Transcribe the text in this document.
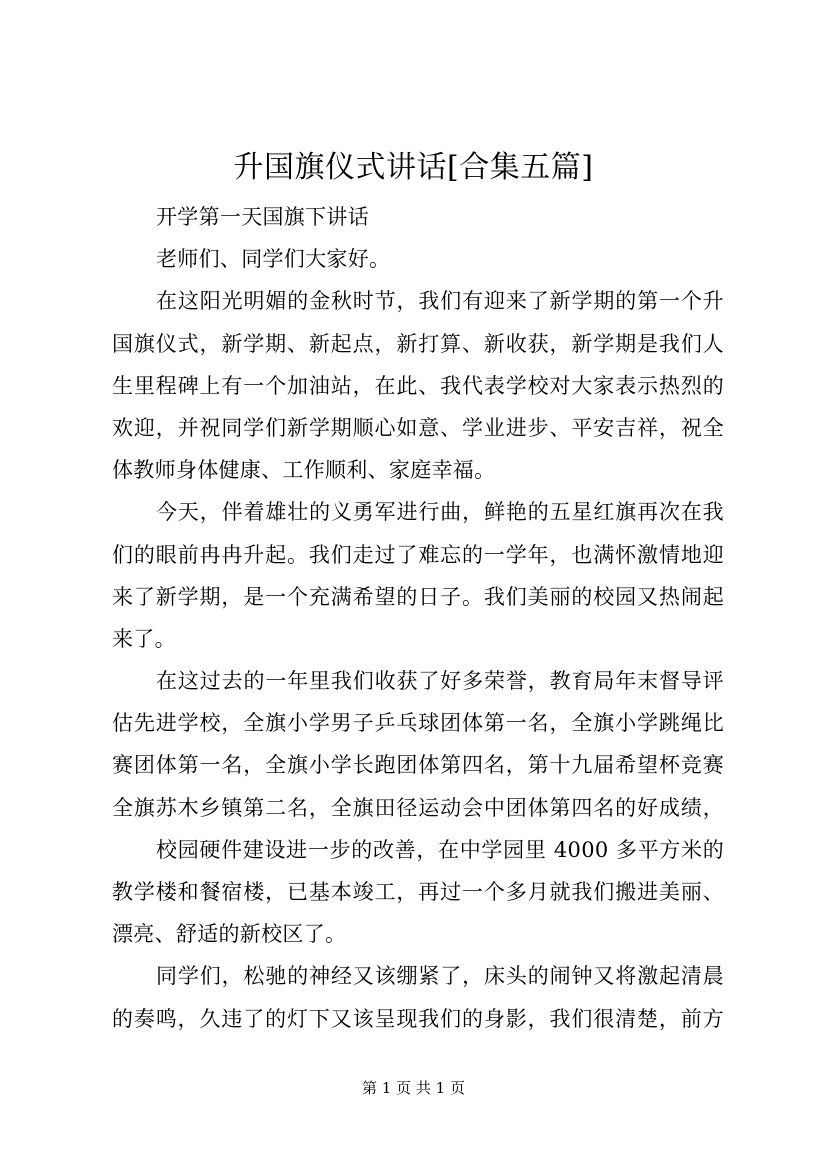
升国旗仪式讲话[合集五篇]
开学第一天国旗下讲话
老师们、同学们大家好。
在这阳光明媚的金秋时节，我们有迎来了新学期的第一个升
国旗仪式，新学期、新起点，新打算、新收获，新学期是我们人
生里程碑上有一个加油站，在此、我代表学校对大家表示热烈的
欢迎，并祝同学们新学期顺心如意、学业进步、平安吉祥，祝全
体教师身体健康、工作顺利、家庭幸福。
今天，伴着雄壮的义勇军进行曲，鲜艳的五星红旗再次在我
们的眼前冉冉升起。我们走过了难忘的一学年，也满怀激情地迎
来了新学期，是一个充满希望的日子。我们美丽的校园又热闹起
来了。
在这过去的一年里我们收获了好多荣誉，教育局年末督导评
估先进学校，全旗小学男子乒乓球团体第一名，全旗小学跳绳比
赛团体第一名，全旗小学长跑团体第四名，第十九届希望杯竞赛
全旗苏木乡镇第二名，全旗田径运动会中团体第四名的好成绩，
校园硬件建设进一步的改善，在中学园里 4000 多平方米的
教学楼和餐宿楼，已基本竣工，再过一个多月就我们搬进美丽、
漂亮、舒适的新校区了。
同学们，松驰的神经又该绷紧了，床头的闹钟又将激起清晨
的奏鸣，久违了的灯下又该呈现我们的身影，我们很清楚，前方
第 1 页 共 1 页
